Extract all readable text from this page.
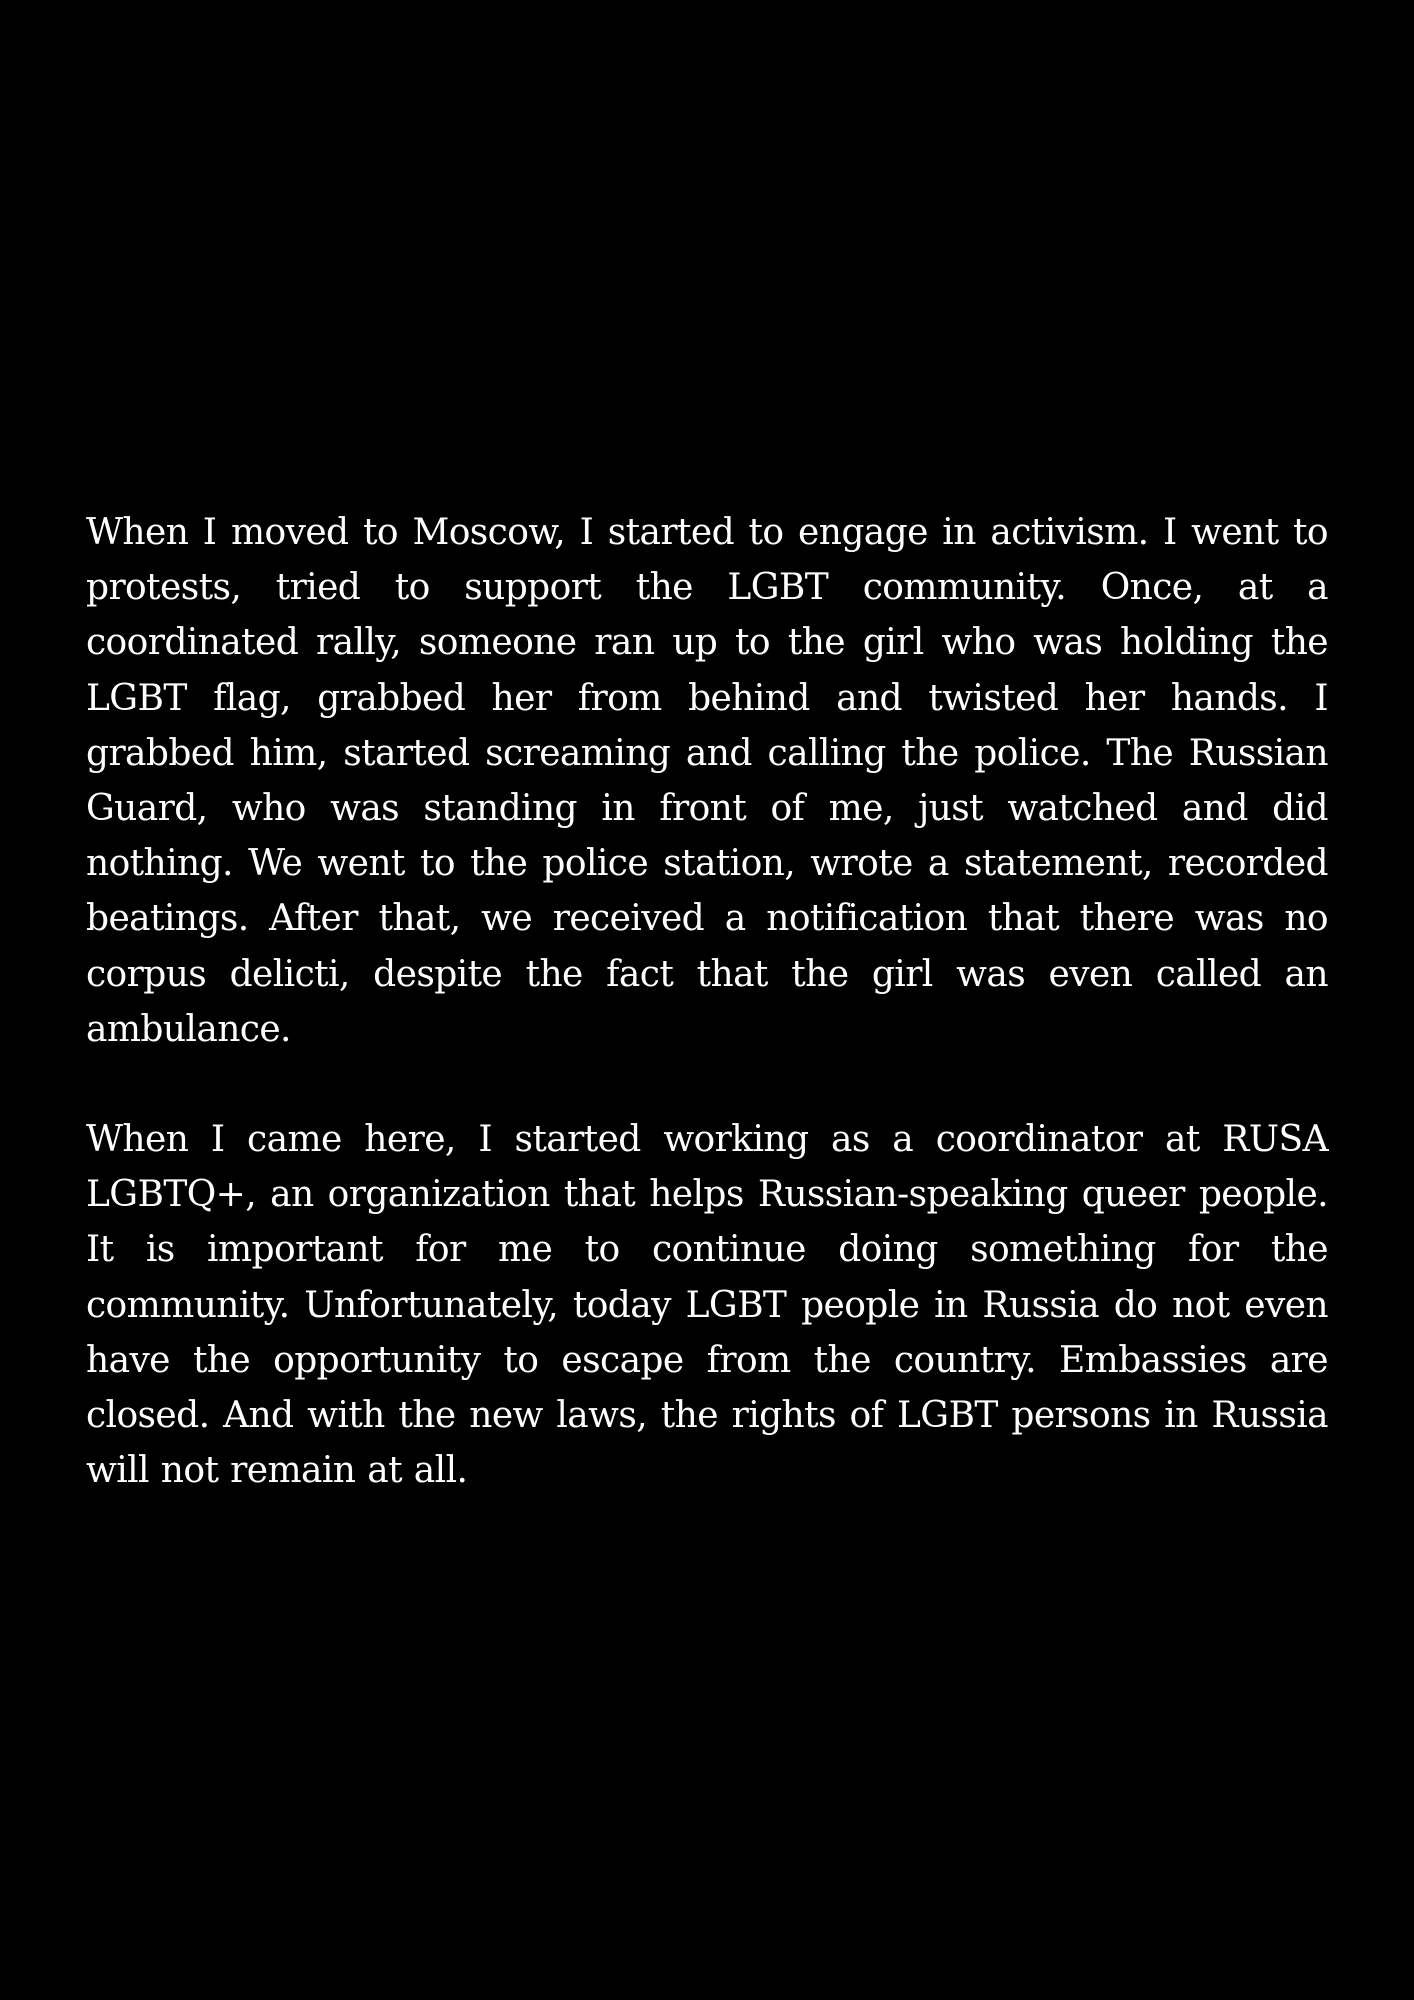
When I moved to Moscow, I started to engage in activism. I went to protests, tried to support the LGBT community. Once, at a coordinated rally, someone ran up to the girl who was holding the LGBT flag, grabbed her from behind and twisted her hands. I grabbed him, started screaming and calling the police. The Russian Guard, who was standing in front of me, just watched and did nothing. We went to the police station, wrote a statement, recorded beatings. After that, we received a notification that there was no corpus delicti, despite the fact that the girl was even called an ambulance.

When I came here, I started working as a coordinator at RUSA LGBTQ+, an organization that helps Russian-speaking queer people. It is important for me to continue doing something for the community. Unfortunately, today LGBT people in Russia do not even have the opportunity to escape from the country. Embassies are closed. And with the new laws, the rights of LGBT persons in Russia will not remain at all.
